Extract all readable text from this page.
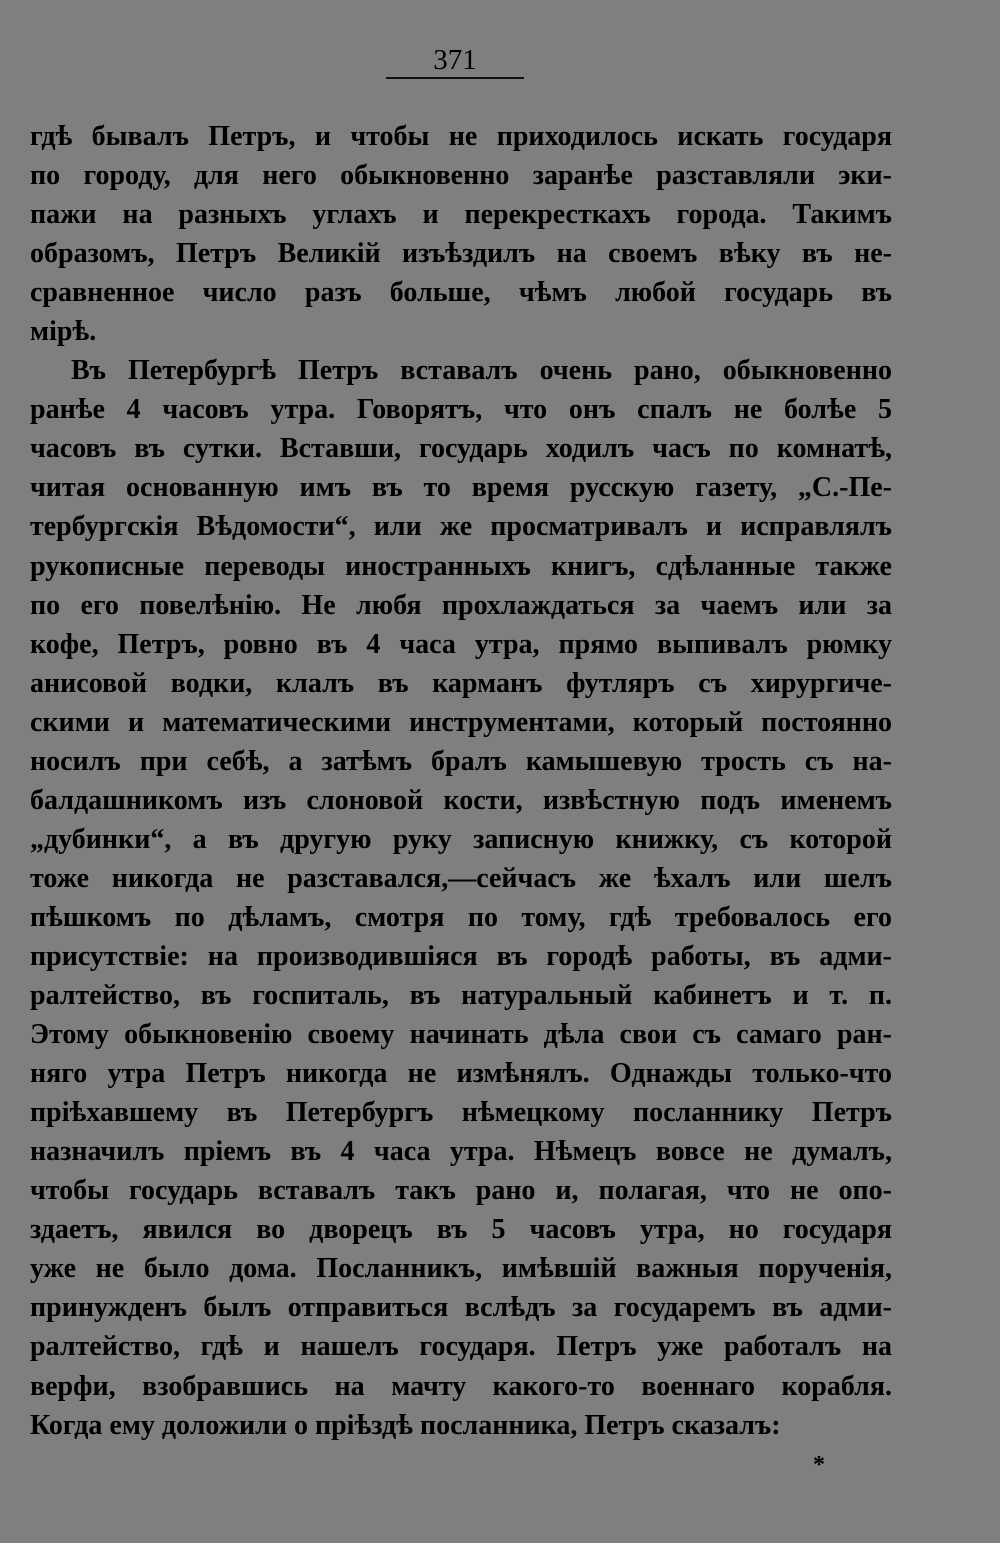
371
гдѣ бывалъ Петръ, и чтобы не приходилось искать государя
по городу, для него обыкновенно заранѣе разставляли эки-
пажи на разныхъ углахъ и перекресткахъ города. Такимъ
образомъ, Петръ Великій изъѣздилъ на своемъ вѣку въ не-
сравненное число разъ больше, чѣмъ любой государь въ
мірѣ.
Въ Петербургѣ Петръ вставалъ очень рано, обыкновенно
ранѣе 4 часовъ утра. Говорятъ, что онъ спалъ не болѣе 5
часовъ въ сутки. Вставши, государь ходилъ часъ по комнатѣ,
читая основанную имъ въ то время русскую газету, „С.-Пе-
тербургскія Вѣдомости“, или же просматривалъ и исправлялъ
рукописные переводы иностранныхъ книгъ, сдѣланные также
по его повелѣнію. Не любя прохлаждаться за чаемъ или за
кофе, Петръ, ровно въ 4 часа утра, прямо выпивалъ рюмку
анисовой водки, клалъ въ карманъ футляръ съ хирургиче-
скими и математическими инструментами, который постоянно
носилъ при себѣ, а затѣмъ бралъ камышевую трость съ на-
балдашникомъ изъ слоновой кости, извѣстную подъ именемъ
„дубинки“, а въ другую руку записную книжку, съ которой
тоже никогда не разставался,—сейчасъ же ѣхалъ или шелъ
пѣшкомъ по дѣламъ, смотря по тому, гдѣ требовалось его
присутствіе: на производившіяся въ городѣ работы, въ адми-
ралтейство, въ госпиталь, въ натуральный кабинетъ и т. п.
Этому обыкновенію своему начинать дѣла свои съ самаго ран-
няго утра Петръ никогда не измѣнялъ. Однажды только-что
пріѣхавшему въ Петербургъ нѣмецкому посланнику Петръ
назначилъ пріемъ въ 4 часа утра. Нѣмецъ вовсе не думалъ,
чтобы государь вставалъ такъ рано и, полагая, что не опо-
здаетъ, явился во дворецъ въ 5 часовъ утра, но государя
уже не было дома. Посланникъ, имѣвшій важныя порученія,
принужденъ былъ отправиться вслѣдъ за государемъ въ адми-
ралтейство, гдѣ и нашелъ государя. Петръ уже работалъ на
верфи, взобравшись на мачту какого-то военнаго корабля.
Когда ему доложили о пріѣздѣ посланника, Петръ сказалъ:
*
